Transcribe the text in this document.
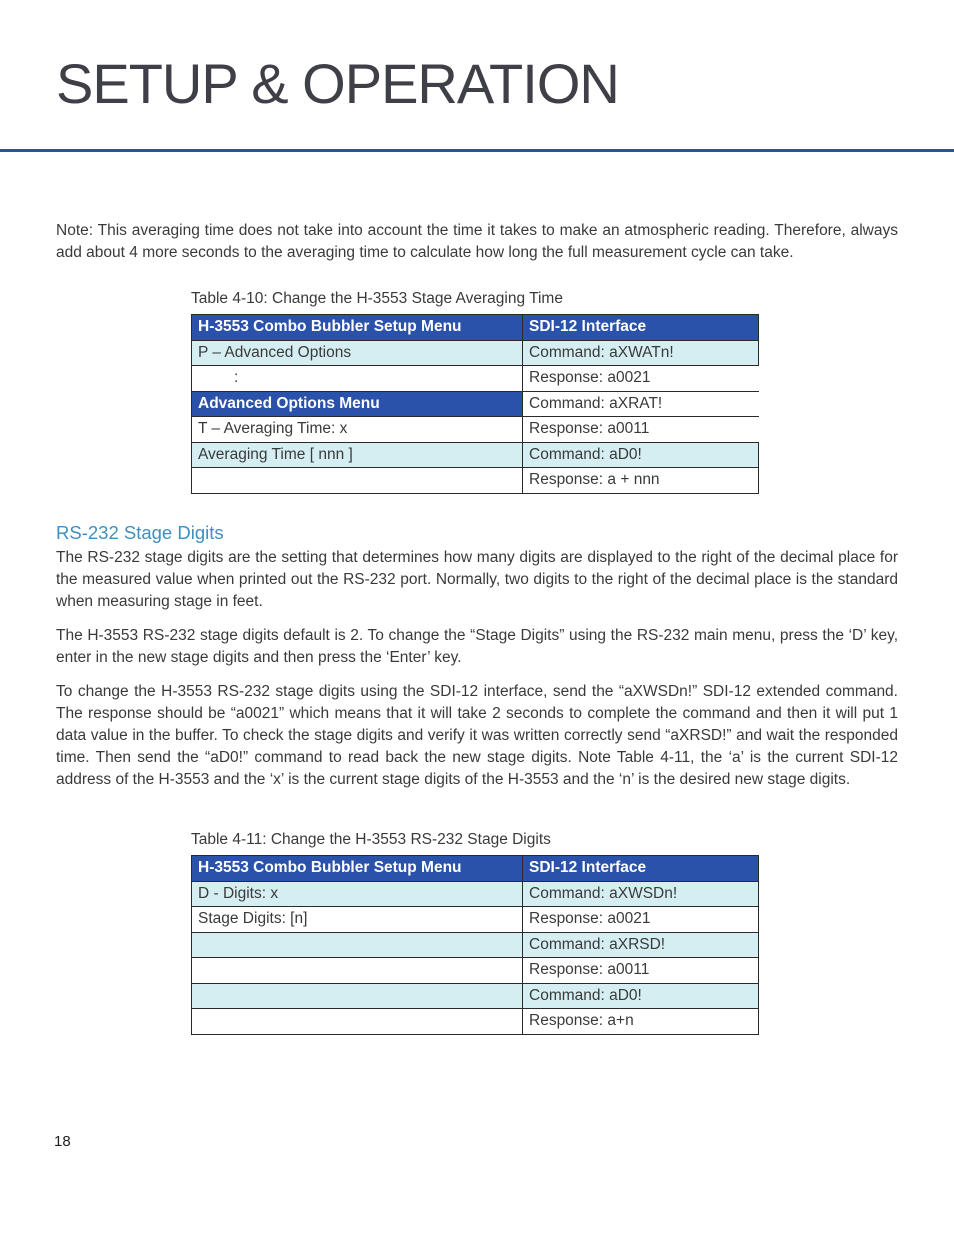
SETUP & OPERATION

Note: This averaging time does not take into account the time it takes to make an atmospheric reading. Therefore, always add about 4 more seconds to the averaging time to calculate how long the full measurement cycle can take.

Table 4-10: Change the H-3553 Stage Averaging Time

H-3553 Combo Bubbler Setup Menu	SDI-12 Interface
P – Advanced Options	Command: aXWATn!
:	Response: a0021
Advanced Options Menu	Command: aXRAT!
T – Averaging Time: x	Response: a0011
Averaging Time [ nnn ]	Command: aD0!
	Response: a + nnn
RS-232 Stage Digits

The RS-232 stage digits are the setting that determines how many digits are displayed to the right of the decimal place for the measured value when printed out the RS-232 port. Normally, two digits to the right of the decimal place is the standard when measuring stage in feet.

The H-3553 RS-232 stage digits default is 2. To change the “Stage Digits” using the RS-232 main menu, press the ‘D’ key, enter in the new stage digits and then press the ‘Enter’ key.

To change the H-3553 RS-232 stage digits using the SDI-12 interface, send the “aXWSDn!” SDI-12 extended command. The response should be “a0021” which means that it will take 2 seconds to complete the command and then it will put 1 data value in the buffer. To check the stage digits and verify it was written correctly send “aXRSD!” and wait the responded time. Then send the “aD0!” command to read back the new stage digits. Note Table 4-11, the ‘a’ is the current SDI-12 address of the H-3553 and the ‘x’ is the current stage digits of the H-3553 and the ‘n’ is the desired new stage digits.

Table 4-11: Change the H-3553 RS-232 Stage Digits

H-3553 Combo Bubbler Setup Menu	SDI-12 Interface
D - Digits: x	Command: aXWSDn!
Stage Digits: [n]	Response: a0021
	Command: aXRSD!
	Response: a0011
	Command: aD0!
	Response: a+n
18
